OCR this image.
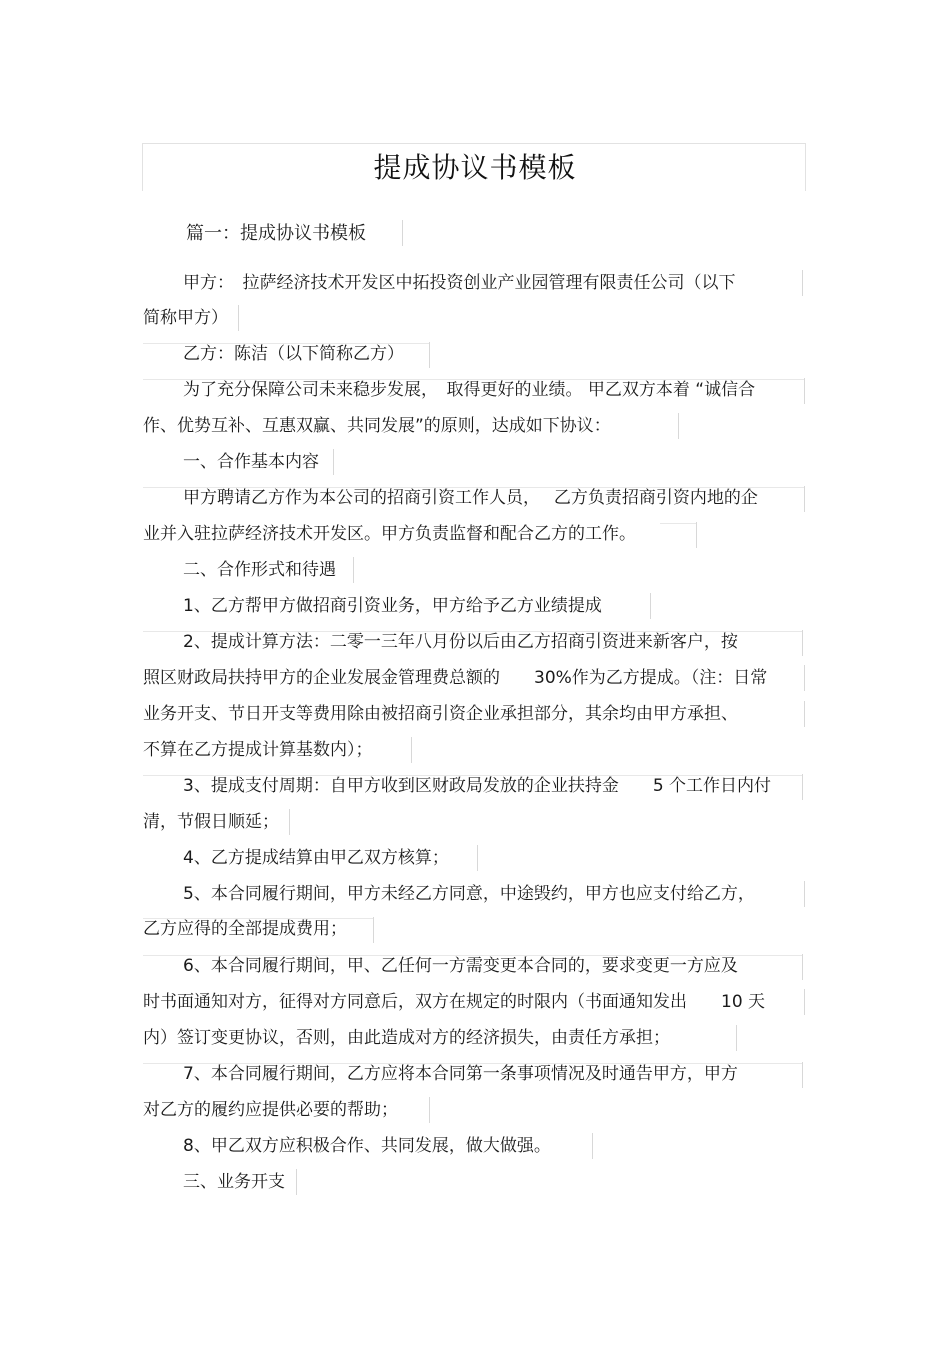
提成协议书模板
篇一：提成协议书模板
甲方：　拉萨经济技术开发区中拓投资创业产业园管理有限责任公司（以下
简称甲方）
乙方：陈洁（以下简称乙方）
为了充分保障公司未来稳步发展，　取得更好的业绩。 甲乙双方本着 “诚信合
作、优势互补、互惠双赢、共同发展”的原则，达成如下协议：
一、合作基本内容
甲方聘请乙方作为本公司的招商引资工作人员，　 乙方负责招商引资内地的企
业并入驻拉萨经济技术开发区。甲方负责监督和配合乙方的工作。
二、合作形式和待遇
1、乙方帮甲方做招商引资业务，甲方给予乙方业绩提成
2、提成计算方法：二零一三年八月份以后由乙方招商引资进来新客户，按
照区财政局扶持甲方的企业发展金管理费总额的　　30%作为乙方提成。（注：日常
业务开支、节日开支等费用除由被招商引资企业承担部分，其余均由甲方承担、
不算在乙方提成计算基数内）；
3、提成支付周期：自甲方收到区财政局发放的企业扶持金　　5 个工作日内付
清，节假日顺延；
4、乙方提成结算由甲乙双方核算；
5、本合同履行期间，甲方未经乙方同意，中途毁约，甲方也应支付给乙方，
乙方应得的全部提成费用；
6、本合同履行期间，甲、乙任何一方需变更本合同的，要求变更一方应及
时书面通知对方，征得对方同意后，双方在规定的时限内（书面通知发出　　10 天
内）签订变更协议，否则，由此造成对方的经济损失，由责任方承担；
7、本合同履行期间，乙方应将本合同第一条事项情况及时通告甲方，甲方
对乙方的履约应提供必要的帮助；
8、甲乙双方应积极合作、共同发展，做大做强。
三、业务开支
